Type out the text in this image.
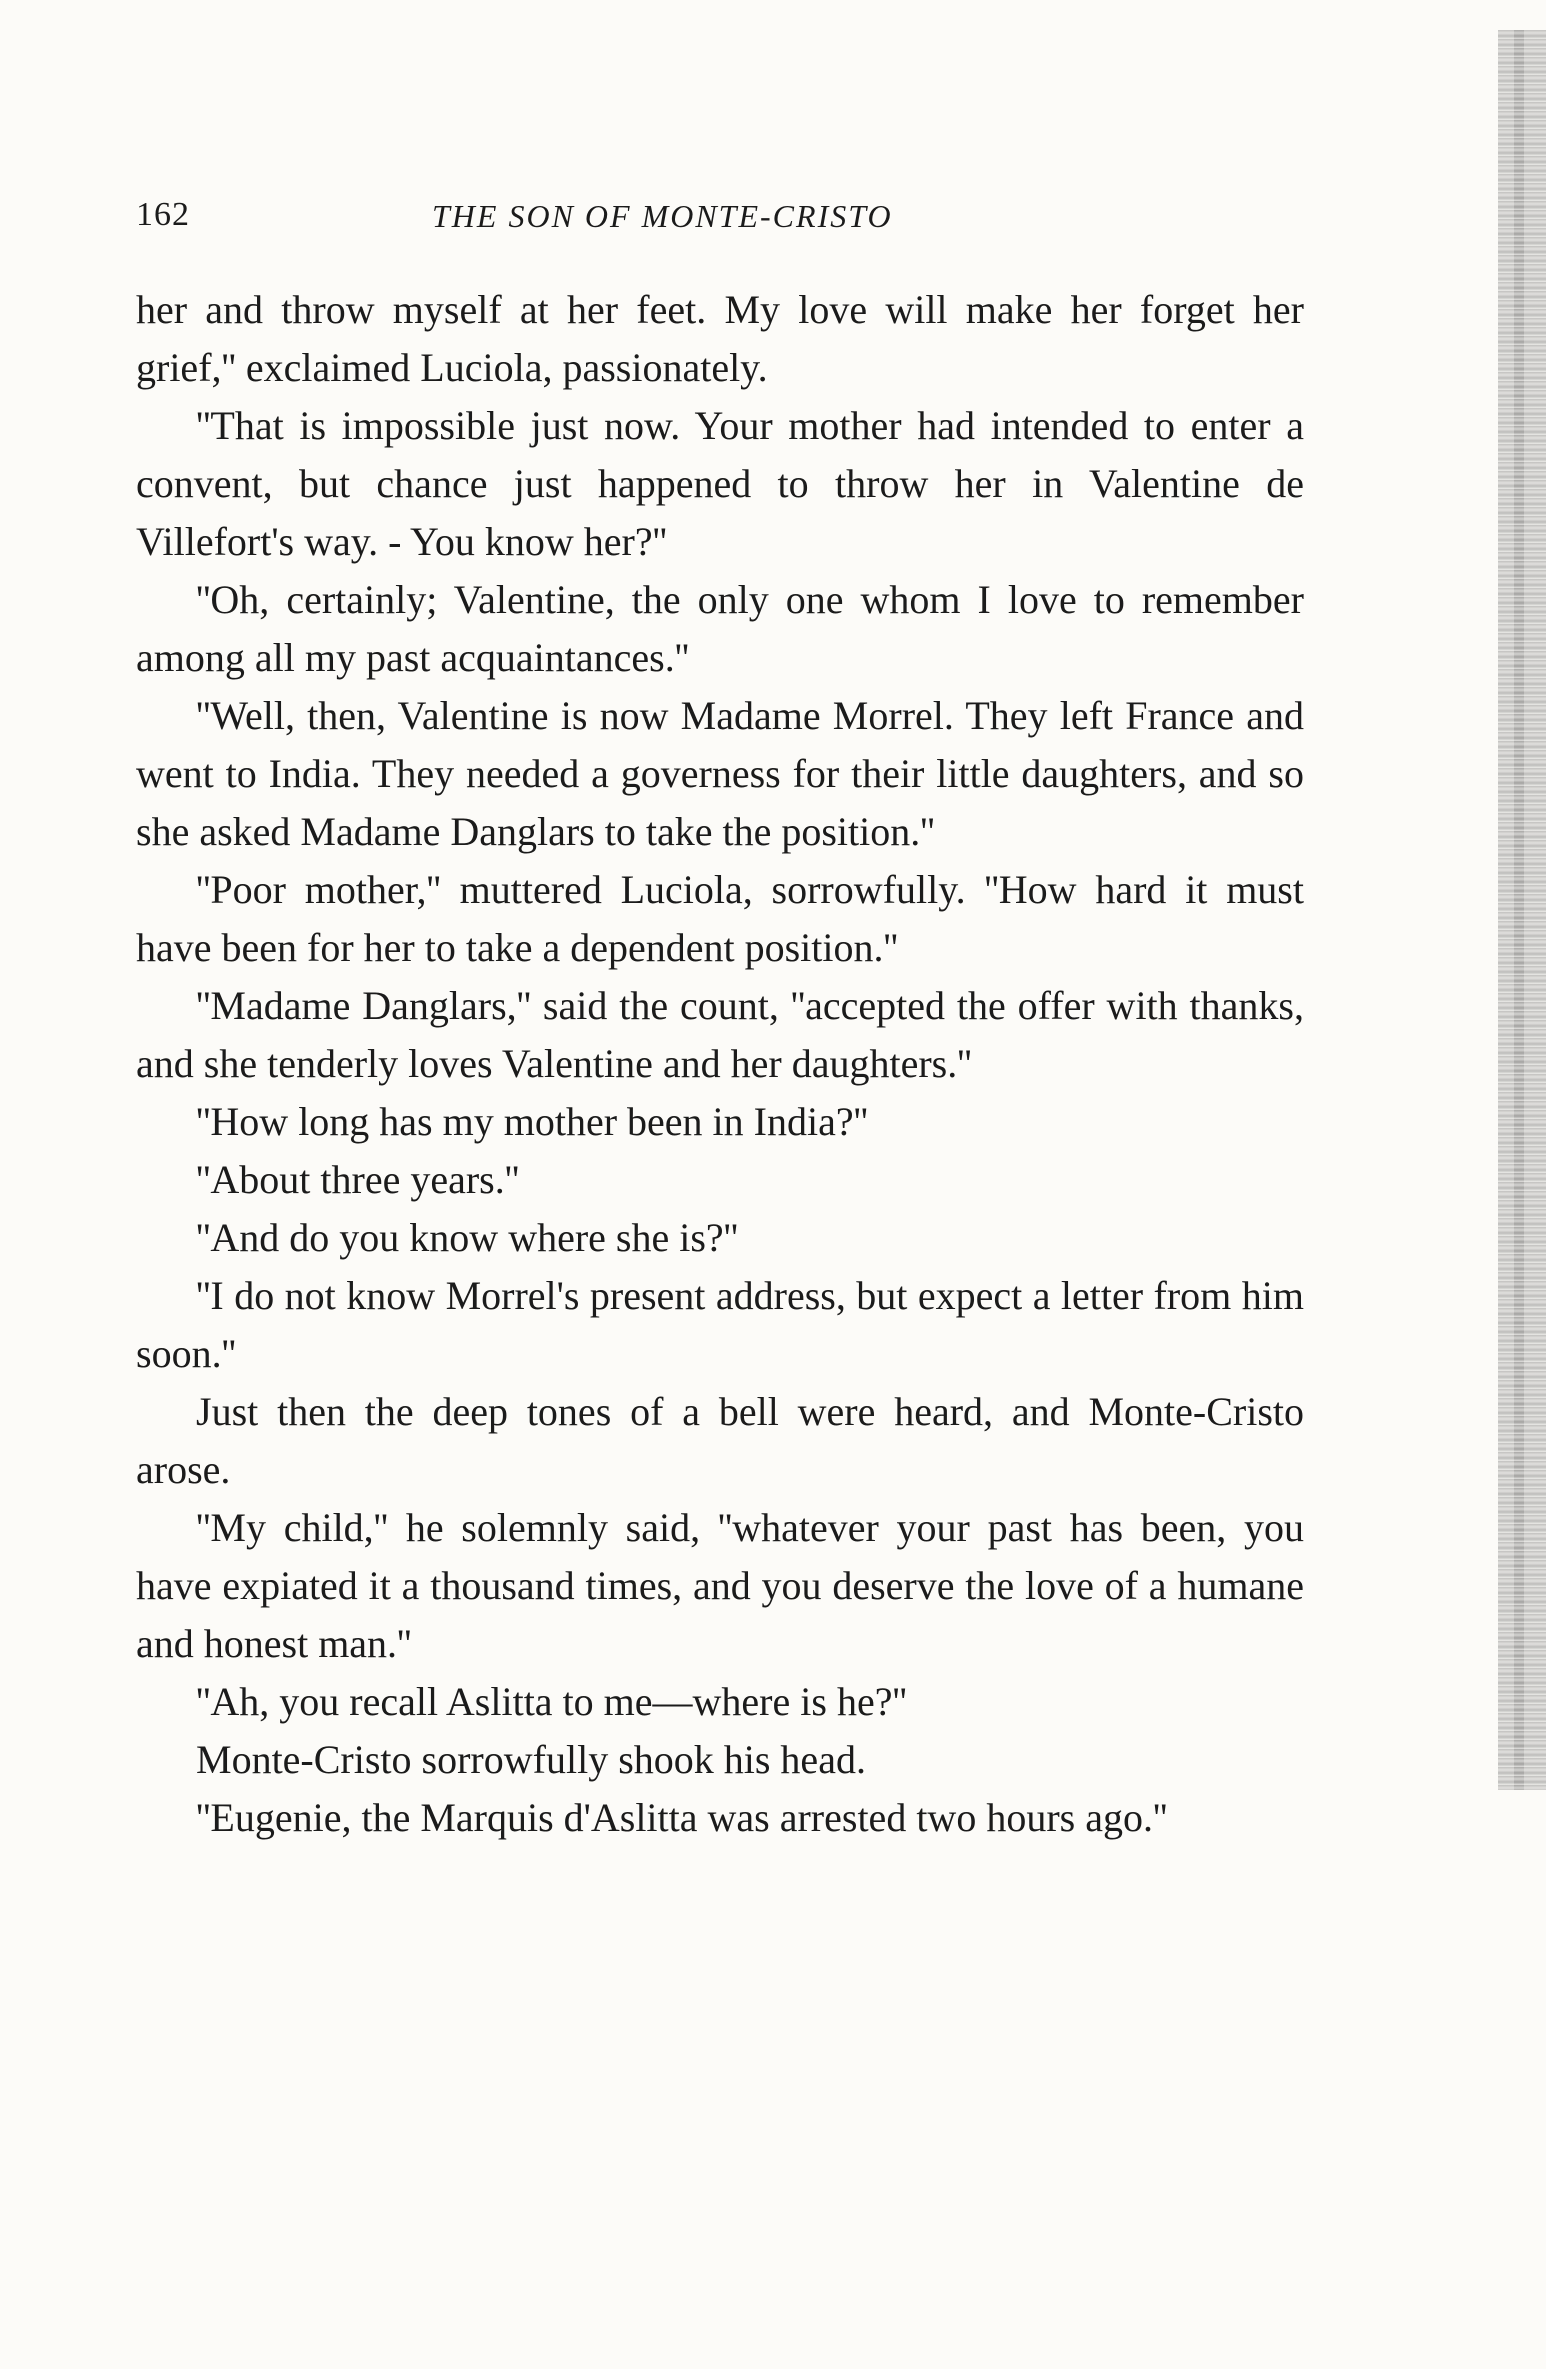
162	THE SON OF MONTE-CRISTO

her and throw myself at her feet. My love will make her forget her grief,'' exclaimed Luciola, passionately.

''That is impossible just now. Your mother had intended to enter a convent, but chance just happened to throw her in Valentine de Villefort's way. - You know her?''

''Oh, certainly; Valentine, the only one whom I love to remember among all my past acquaintances.''

''Well, then, Valentine is now Madame Morrel. They left France and went to India. They needed a governess for their little daughters, and so she asked Madame Danglars to take the position.''

''Poor mother,'' muttered Luciola, sorrowfully. ''How hard it must have been for her to take a dependent position.''

''Madame Danglars,'' said the count, ''accepted the offer with thanks, and she tenderly loves Valentine and her daughters.''

''How long has my mother been in India?''

''About three years.''

''And do you know where she is?''

''I do not know Morrel's present address, but expect a letter from him soon.''

Just then the deep tones of a bell were heard, and Monte-Cristo arose.

''My child,'' he solemnly said, ''whatever your past has been, you have expiated it a thousand times, and you deserve the love of a humane and honest man.''

''Ah, you recall Aslitta to me—where is he?''

Monte-Cristo sorrowfully shook his head.

''Eugenie, the Marquis d'Aslitta was arrested two hours ago.''
